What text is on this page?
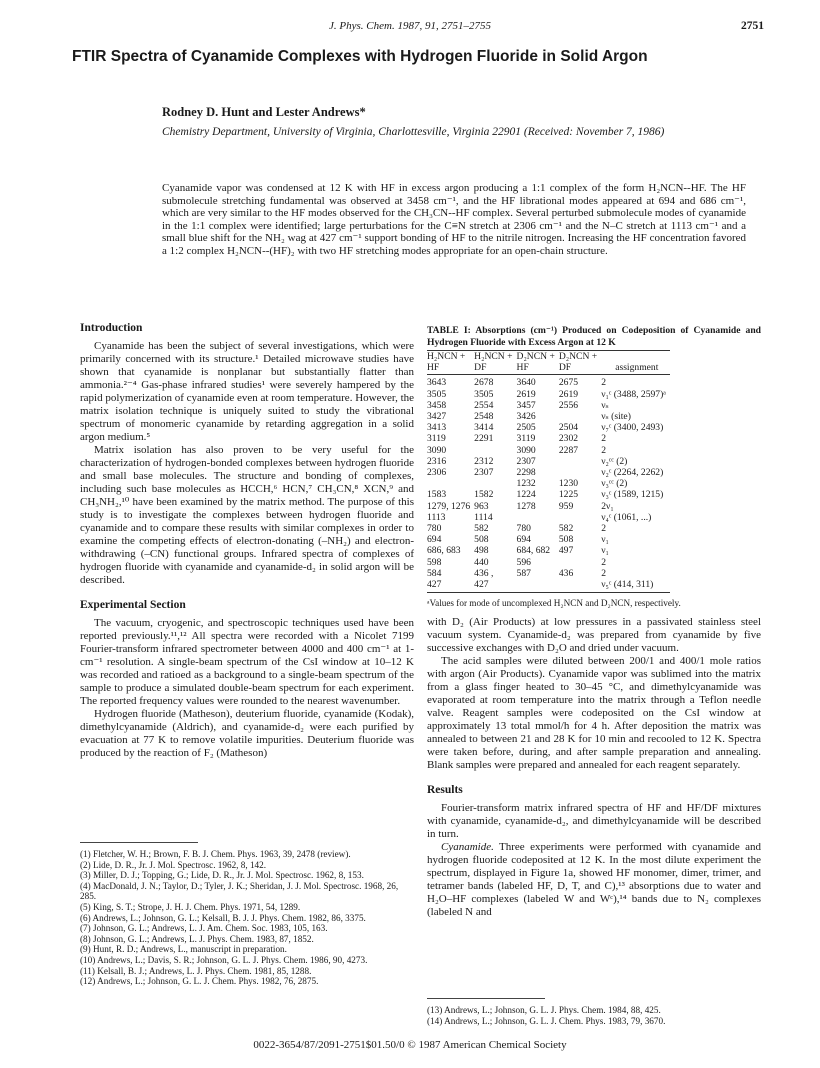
J. Phys. Chem. 1987, 91, 2751–2755	2751
FTIR Spectra of Cyanamide Complexes with Hydrogen Fluoride in Solid Argon
Rodney D. Hunt and Lester Andrews*
Chemistry Department, University of Virginia, Charlottesville, Virginia 22901 (Received: November 7, 1986)
Cyanamide vapor was condensed at 12 K with HF in excess argon producing a 1:1 complex of the form H₂NCN--HF. The HF submolecule stretching fundamental was observed at 3458 cm⁻¹, and the HF librational modes appeared at 694 and 686 cm⁻¹, which are very similar to the HF modes observed for the CH₃CN--HF complex. Several perturbed submolecule modes of cyanamide in the 1:1 complex were identified; large perturbations for the C≡N stretch at 2306 cm⁻¹ and the N–C stretch at 1113 cm⁻¹ and a small blue shift for the NH₂ wag at 427 cm⁻¹ support bonding of HF to the nitrile nitrogen. Increasing the HF concentration favored a 1:2 complex H₂NCN--(HF)₂ with two HF stretching modes appropriate for an open-chain structure.
Introduction
Cyanamide has been the subject of several investigations, which were primarily concerned with its structure.¹ Detailed microwave studies have shown that cyanamide is nonplanar but substantially flatter than ammonia.²⁻⁴ Gas-phase infrared studies¹ were severely hampered by the rapid polymerization of cyanamide even at room temperature. However, the matrix isolation technique is uniquely suited to study the vibrational spectrum of monomeric cyanamide by retarding aggregation in a solid argon medium.⁵
Matrix isolation has also proven to be very useful for the characterization of hydrogen-bonded complexes between hydrogen fluoride and small base molecules. The structure and bonding of complexes, including such base molecules as HCCH,⁶ HCN,⁷ CH₃CN,⁸ XCN,⁹ and CH₃NH₂,¹⁰ have been examined by the matrix method. The purpose of this study is to investigate the complexes between hydrogen fluoride and cyanamide and to compare these results with similar complexes in order to examine the competing effects of electron-donating (–NH₂) and electron-withdrawing (–CN) functional groups. Infrared spectra of complexes of hydrogen fluoride with cyanamide and cyanamide-d₂ in solid argon will be described.
Experimental Section
The vacuum, cryogenic, and spectroscopic techniques used have been reported previously.¹¹,¹² All spectra were recorded with a Nicolet 7199 Fourier-transform infrared spectrometer between 4000 and 400 cm⁻¹ at 1-cm⁻¹ resolution. A single-beam spectrum of the CsI window at 10–12 K was recorded and ratioed as a background to a single-beam spectrum of the sample to produce a simulated double-beam spectrum for each experiment. The reported frequency values were rounded to the nearest wavenumber.
Hydrogen fluoride (Matheson), deuterium fluoride, cyanamide (Kodak), dimethylcyanamide (Aldrich), and cyanamide-d₂ were each purified by evacuation at 77 K to remove volatile impurities. Deuterium fluoride was produced by the reaction of F₂ (Matheson)
(1) Fletcher, W. H.; Brown, F. B. J. Chem. Phys. 1963, 39, 2478 (review).
(2) Lide, D. R., Jr. J. Mol. Spectrosc. 1962, 8, 142.
(3) Miller, D. J.; Topping, G.; Lide, D. R., Jr. J. Mol. Spectrosc. 1962, 8, 153.
(4) MacDonald, J. N.; Taylor, D.; Tyler, J. K.; Sheridan, J. J. Mol. Spectrosc. 1968, 26, 285.
(5) King, S. T.; Strope, J. H. J. Chem. Phys. 1971, 54, 1289.
(6) Andrews, L.; Johnson, G. L.; Kelsall, B. J. J. Phys. Chem. 1982, 86, 3375.
(7) Johnson, G. L.; Andrews, L. J. Am. Chem. Soc. 1983, 105, 163.
(8) Johnson, G. L.; Andrews, L. J. Phys. Chem. 1983, 87, 1852.
(9) Hunt, R. D.; Andrews, L., manuscript in preparation.
(10) Andrews, L.; Davis, S. R.; Johnson, G. L. J. Phys. Chem. 1986, 90, 4273.
(11) Kelsall, B. J.; Andrews, L. J. Phys. Chem. 1981, 85, 1288.
(12) Andrews, L.; Johnson, G. L. J. Chem. Phys. 1982, 76, 2875.
TABLE I: Absorptions (cm⁻¹) Produced on Codeposition of Cyanamide and Hydrogen Fluoride with Excess Argon at 12 K
H₂NCN +	H₂NCN +	D₂NCN +	D₂NCN +	
HF	DF	HF	DF	assignment
3643	2678	3640	2675	2
3505	3505	2619	2619	ν₁ᶜ (3488, 2597)ᵃ
3458	2554	3457	2556	νₛ
3427	2548	3426		νₛ (site)
3413	3414	2505	2504	ν₇ᶜ (3400, 2493)
3119	2291	3119	2302	2
3090		3090	2287	2
2316	2312	2307		ν₂ᶜᶜ (2)
2306	2307	2298		ν₂ᶜ (2264, 2262)
		1232	1230	ν₃ᶜᶜ (2)
1583	1582	1224	1225	ν₃ᶜ (1589, 1215)
1279, 1276	963	1278	959	2ν₁
1113	1114			ν₄ᶜ (1061, ...)
780	582	780	582	2
694	508	694	508	ν₁
686, 683	498	684, 682	497	ν₁
598	440	596		2
584	436 ,	587	436	2
427	427			ν₅ᶜ (414, 311)
ᵃValues for mode of uncomplexed H₂NCN and D₂NCN, respectively.
with D₂ (Air Products) at low pressures in a passivated stainless steel vacuum system. Cyanamide-d₂ was prepared from cyanamide by five successive exchanges with D₂O and dried under vacuum.
The acid samples were diluted between 200/1 and 400/1 mole ratios with argon (Air Products). Cyanamide vapor was sublimed into the matrix from a glass finger heated to 30–45 °C, and dimethylcyanamide was evaporated at room temperature into the matrix through a Teflon needle valve. Reagent samples were codeposited on the CsI window at approximately 13 total mmol/h for 4 h. After deposition the matrix was annealed to between 21 and 28 K for 10 min and recooled to 12 K. Spectra were taken before, during, and after sample preparation and annealing. Blank samples were prepared and annealed for each reagent separately.
Results
Fourier-transform matrix infrared spectra of HF and HF/DF mixtures with cyanamide, cyanamide-d₂, and dimethylcyanamide will be described in turn.
Cyanamide. Three experiments were performed with cyanamide and hydrogen fluoride codeposited at 12 K. In the most dilute experiment the spectrum, displayed in Figure 1a, showed HF monomer, dimer, trimer, and tetramer bands (labeled HF, D, T, and C),¹³ absorptions due to water and H₂O–HF complexes (labeled W and Wᶜ),¹⁴ bands due to N₂ complexes (labeled N and
(13) Andrews, L.; Johnson, G. L. J. Phys. Chem. 1984, 88, 425.
(14) Andrews, L.; Johnson, G. L. J. Chem. Phys. 1983, 79, 3670.
0022-3654/87/2091-2751$01.50/0 © 1987 American Chemical Society
